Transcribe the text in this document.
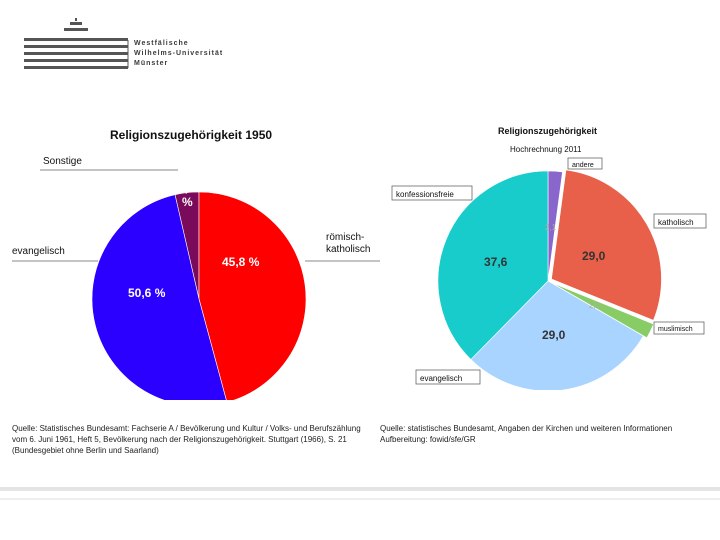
Westfälische
Wilhelms-Universität
Münster
Religionszugehörigkeit 1950
Sonstige
evangelisch
römisch- katholisch
3,6 %
45,8 %
50,6 %
Religionszugehörigkeit
Hochrechnung 2011
andere
konfessionsfreie
katholisch
muslimisch
evangelisch
2,1
29,0
2,2
29,0
37,6
Quelle: Statistisches Bundesamt: Fachserie A / Bevölkerung und Kultur / Volks- und Berufszählung vom 6. Juni 1961, Heft 5, Bevölkerung nach der Religionszugehörigkeit. Stuttgart (1966), S. 21 (Bundesgebiet ohne Berlin und Saarland)
Quelle: statistisches Bundesamt, Angaben der Kirchen und weiteren Informationen Aufbereitung: fowid/sfe/GR
